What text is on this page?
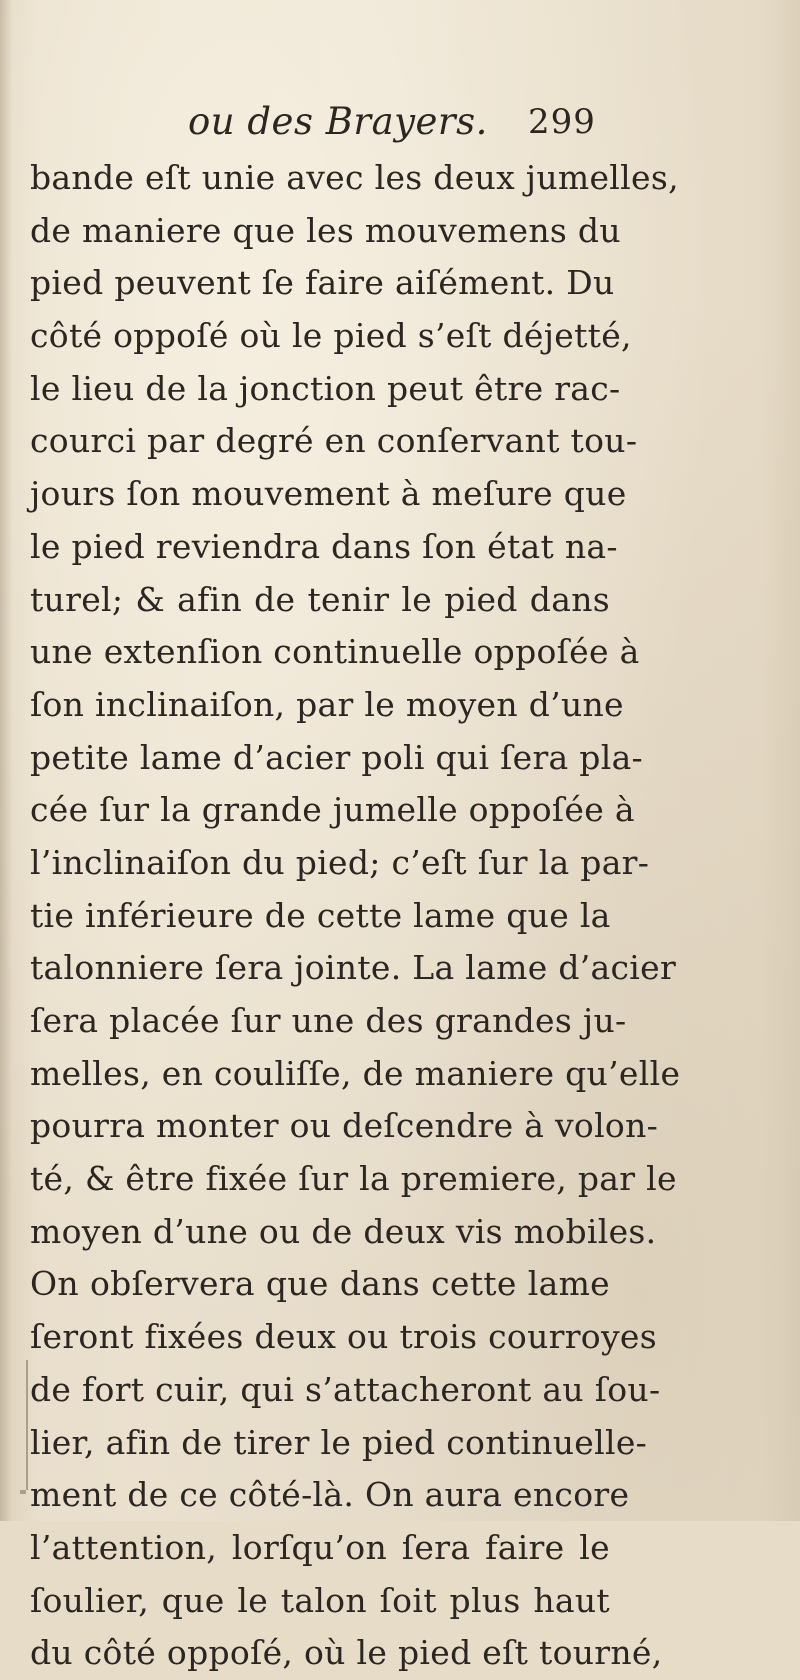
ou des Brayers. 299
bande eſt unie avec les deux jumelles,
de maniere que les mouvemens du
pied peuvent ſe faire aiſément. Du
côté oppoſé où le pied s’eſt déjetté,
le lieu de la jonction peut être rac-
courci par degré en conſervant tou-
jours ſon mouvement à meſure que
le pied reviendra dans ſon état na-
turel; & afin de tenir le pied dans
une extenſion continuelle oppoſée à
ſon inclinaiſon, par le moyen d’une
petite lame d’acier poli qui ſera pla-
cée ſur la grande jumelle oppoſée à
l’inclinaiſon du pied; c’eſt ſur la par-
tie inférieure de cette lame que la
talonniere ſera jointe. La lame d’acier
ſera placée ſur une des grandes ju-
melles, en couliſſe, de maniere qu’elle
pourra monter ou deſcendre à volon-
té, & être fixée ſur la premiere, par le
moyen d’une ou de deux vis mobiles.
On obſervera que dans cette lame
ſeront fixées deux ou trois courroyes
de fort cuir, qui s’attacheront au ſou-
lier, afin de tirer le pied continuelle-
ment de ce côté-là. On aura encore
l’attention, lorſqu’on ſera faire le
ſoulier, que le talon ſoit plus haut
du côté oppoſé, où le pied eſt tourné,
